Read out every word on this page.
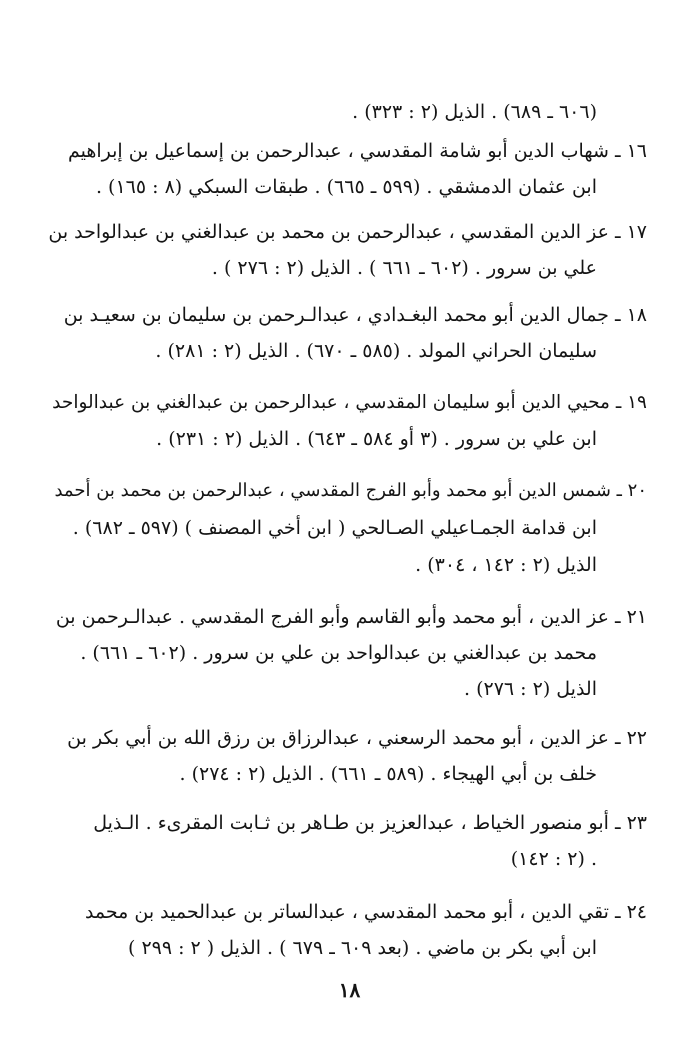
(٦٠٦ ـ ٦٨٩) . الذيل (٢ : ٣٢٣) .
١٦ ـ شهاب الدين أبو شامة المقدسي ، عبدالرحمن بن إسماعيل بن إبراهيم
ابن عثمان الدمشقي . (٥٩٩ ـ ٦٦٥) . طبقات السبكي (٨ : ١٦٥) .
١٧ ـ عز الدين المقدسي ، عبدالرحمن بن محمد بن عبدالغني بن عبدالواحد بن
علي بن سرور . (٦٠٢ ـ ٦٦١ ) . الذيل (٢ : ٢٧٦ ) .
١٨ ـ جمال الدين أبو محمد البغـدادي ، عبدالـرحمن بن سليمان بن سعيـد بن
سليمان الحراني المولد . (٥٨٥ ـ ٦٧٠) . الذيل (٢ : ٢٨١) .
١٩ ـ محيي الدين أبو سليمان المقدسي ، عبدالرحمن بن عبدالغني بن عبدالواحد
ابن علي بن سرور . (٣ أو ٥٨٤ ـ ٦٤٣) . الذيل (٢ : ٢٣١) .
٢٠ ـ شمس الدين أبو محمد وأبو الفرج المقدسي ، عبدالرحمن بن محمد بن أحمد
ابن قدامة الجمـاعيلي الصـالحي ( ابن أخي المصنف ) (٥٩٧ ـ ٦٨٢) .
الذيل (٢ : ١٤٢ ، ٣٠٤) .
٢١ ـ عز الدين ، أبو محمد وأبو القاسم وأبو الفرج المقدسي . عبدالـرحمن بن
محمد بن عبدالغني بن عبدالواحد بن علي بن سرور . (٦٠٢ ـ ٦٦١) .
الذيل (٢ : ٢٧٦) .
٢٢ ـ عز الدين ، أبو محمد الرسعني ، عبدالرزاق بن رزق الله بن أبي بكر بن
خلف بن أبي الهيجاء . (٥٨٩ ـ ٦٦١) . الذيل (٢ : ٢٧٤) .
٢٣ ـ أبو منصور الخياط ، عبدالعزيز بن طـاهر بن ثـابت المقرىء . الـذيل
(٢ : ١٤٢) .
٢٤ ـ تقي الدين ، أبو محمد المقدسي ، عبدالساتر بن عبدالحميد بن محمد
ابن أبي بكر بن ماضي . (بعد ٦٠٩ ـ ٦٧٩ ) . الذيل ( ٢ : ٢٩٩ )
١٨
